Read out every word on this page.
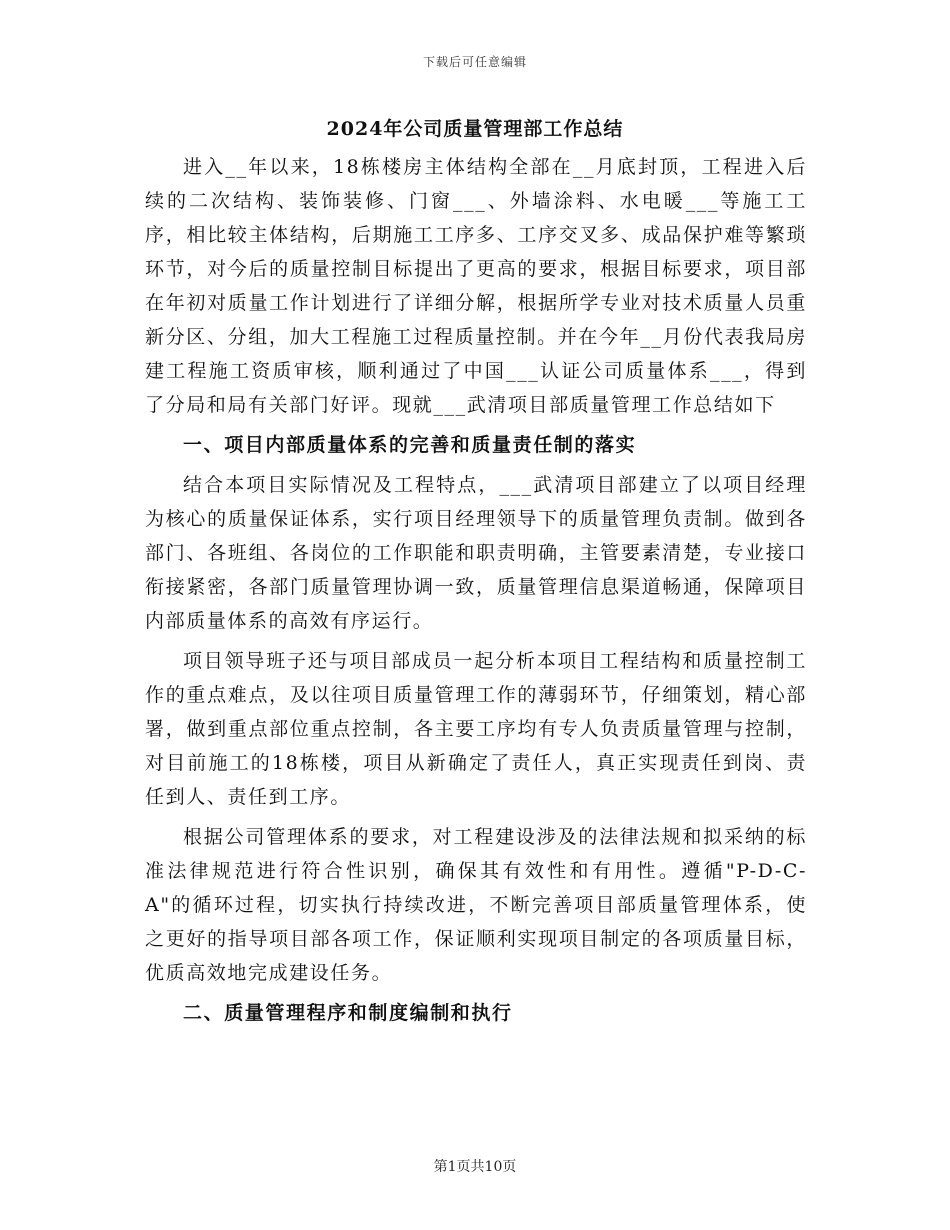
下载后可任意编辑
2024年公司质量管理部工作总结

进入__年以来，18栋楼房主体结构全部在__月底封顶，工程进入后续的二次结构、装饰装修、门窗___、外墙涂料、水电暖___等施工工序，相比较主体结构，后期施工工序多、工序交叉多、成品保护难等繁琐环节，对今后的质量控制目标提出了更高的要求，根据目标要求，项目部在年初对质量工作计划进行了详细分解，根据所学专业对技术质量人员重新分区、分组，加大工程施工过程质量控制。并在今年__月份代表我局房建工程施工资质审核，顺利通过了中国___认证公司质量体系___，得到了分局和局有关部门好评。现就___武清项目部质量管理工作总结如下

一、项目内部质量体系的完善和质量责任制的落实

结合本项目实际情况及工程特点，___武清项目部建立了以项目经理为核心的质量保证体系，实行项目经理领导下的质量管理负责制。做到各部门、各班组、各岗位的工作职能和职责明确，主管要素清楚，专业接口衔接紧密，各部门质量管理协调一致，质量管理信息渠道畅通，保障项目内部质量体系的高效有序运行。

项目领导班子还与项目部成员一起分析本项目工程结构和质量控制工作的重点难点，及以往项目质量管理工作的薄弱环节，仔细策划，精心部署，做到重点部位重点控制，各主要工序均有专人负责质量管理与控制，对目前施工的18栋楼，项目从新确定了责任人，真正实现责任到岗、责任到人、责任到工序。

根据公司管理体系的要求，对工程建设涉及的法律法规和拟采纳的标准法律规范进行符合性识别，确保其有效性和有用性。遵循"P-D-C-A"的循环过程，切实执行持续改进，不断完善项目部质量管理体系，使之更好的指导项目部各项工作，保证顺利实现项目制定的各项质量目标，优质高效地完成建设任务。

二、质量管理程序和制度编制和执行

第1页共10页
